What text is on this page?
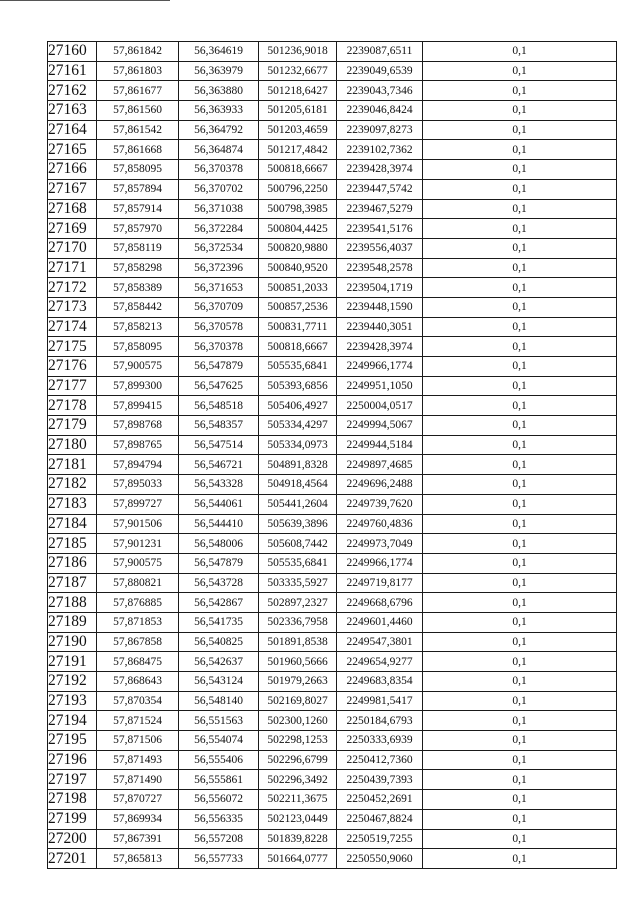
27160	57,861842	56,364619	501236,9018	2239087,6511	0,1
27161	57,861803	56,363979	501232,6677	2239049,6539	0,1
27162	57,861677	56,363880	501218,6427	2239043,7346	0,1
27163	57,861560	56,363933	501205,6181	2239046,8424	0,1
27164	57,861542	56,364792	501203,4659	2239097,8273	0,1
27165	57,861668	56,364874	501217,4842	2239102,7362	0,1
27166	57,858095	56,370378	500818,6667	2239428,3974	0,1
27167	57,857894	56,370702	500796,2250	2239447,5742	0,1
27168	57,857914	56,371038	500798,3985	2239467,5279	0,1
27169	57,857970	56,372284	500804,4425	2239541,5176	0,1
27170	57,858119	56,372534	500820,9880	2239556,4037	0,1
27171	57,858298	56,372396	500840,9520	2239548,2578	0,1
27172	57,858389	56,371653	500851,2033	2239504,1719	0,1
27173	57,858442	56,370709	500857,2536	2239448,1590	0,1
27174	57,858213	56,370578	500831,7711	2239440,3051	0,1
27175	57,858095	56,370378	500818,6667	2239428,3974	0,1
27176	57,900575	56,547879	505535,6841	2249966,1774	0,1
27177	57,899300	56,547625	505393,6856	2249951,1050	0,1
27178	57,899415	56,548518	505406,4927	2250004,0517	0,1
27179	57,898768	56,548357	505334,4297	2249994,5067	0,1
27180	57,898765	56,547514	505334,0973	2249944,5184	0,1
27181	57,894794	56,546721	504891,8328	2249897,4685	0,1
27182	57,895033	56,543328	504918,4564	2249696,2488	0,1
27183	57,899727	56,544061	505441,2604	2249739,7620	0,1
27184	57,901506	56,544410	505639,3896	2249760,4836	0,1
27185	57,901231	56,548006	505608,7442	2249973,7049	0,1
27186	57,900575	56,547879	505535,6841	2249966,1774	0,1
27187	57,880821	56,543728	503335,5927	2249719,8177	0,1
27188	57,876885	56,542867	502897,2327	2249668,6796	0,1
27189	57,871853	56,541735	502336,7958	2249601,4460	0,1
27190	57,867858	56,540825	501891,8538	2249547,3801	0,1
27191	57,868475	56,542637	501960,5666	2249654,9277	0,1
27192	57,868643	56,543124	501979,2663	2249683,8354	0,1
27193	57,870354	56,548140	502169,8027	2249981,5417	0,1
27194	57,871524	56,551563	502300,1260	2250184,6793	0,1
27195	57,871506	56,554074	502298,1253	2250333,6939	0,1
27196	57,871493	56,555406	502296,6799	2250412,7360	0,1
27197	57,871490	56,555861	502296,3492	2250439,7393	0,1
27198	57,870727	56,556072	502211,3675	2250452,2691	0,1
27199	57,869934	56,556335	502123,0449	2250467,8824	0,1
27200	57,867391	56,557208	501839,8228	2250519,7255	0,1
27201	57,865813	56,557733	501664,0777	2250550,9060	0,1
